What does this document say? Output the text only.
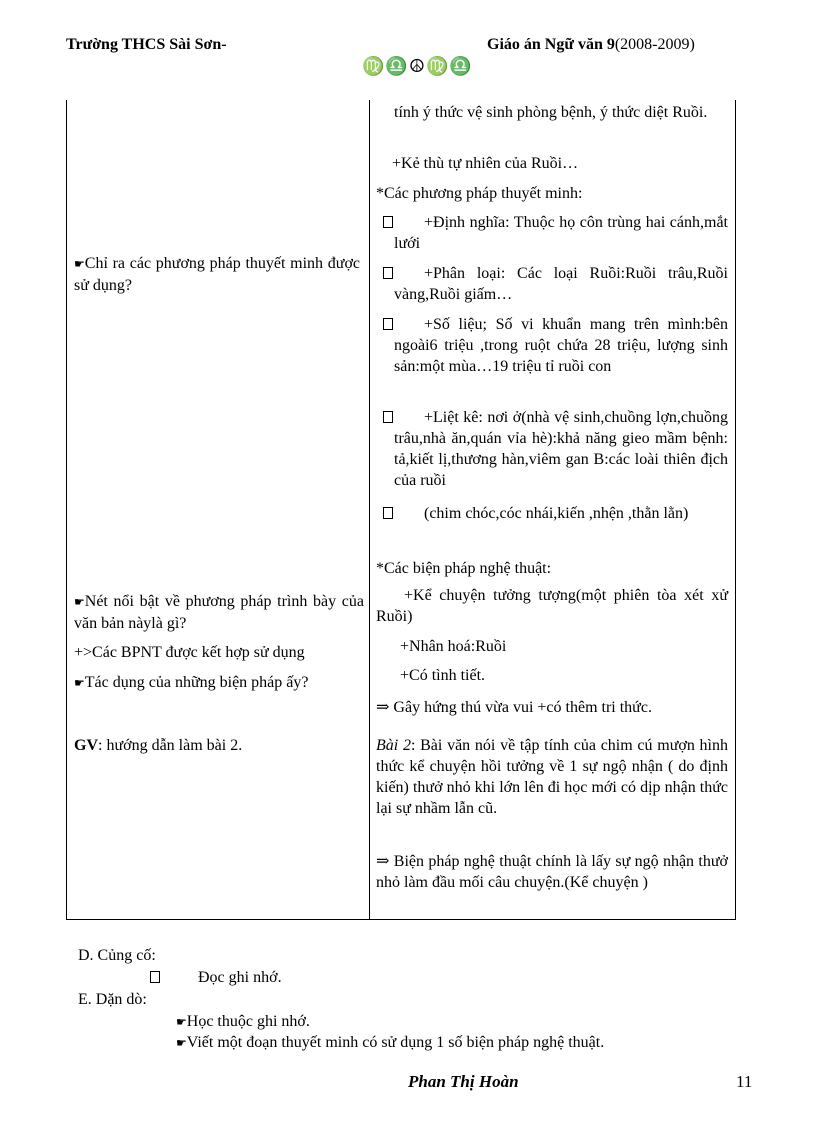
Trường THCS Sài Sơn-	Giáo án Ngữ văn 9(2008-2009)
♍♎☮♍♎
☛Chỉ ra các phương pháp thuyết minh được sử dụng?
☛Nét nổi bật về phương pháp trình bày của văn bản nàylà gì?
+>Các BPNT được kết hợp sử dụng
☛Tác dụng của những biện pháp ấy?
GV: hướng dẫn làm bài 2.
tính ý thức vệ sinh phòng bệnh, ý thức diệt Ruồi.
+Kẻ thù tự nhiên của Ruồi…
*Các phương pháp thuyết minh:
+Định nghĩa: Thuộc họ côn trùng hai cánh,mắt lưới
+Phân loại: Các loại Ruồi:Ruồi trâu,Ruồi vàng,Ruồi giấm…
+Số liệu; Số vi khuẩn mang trên mình:bên ngoài6 triệu ,trong ruột chứa 28 triệu, lượng sinh sản:một mùa…19 triệu tỉ ruồi con
+Liệt kê: nơi ở(nhà vệ sinh,chuồng lợn,chuồng trâu,nhà ăn,quán vỉa hè):khả năng gieo mầm bệnh: tả,kiết lị,thương hàn,viêm gan B:các loài thiên địch của ruồi
(chim chóc,cóc nhái,kiến ,nhện ,thằn lằn)
*Các biện pháp nghệ thuật:
+Kể chuyện tưởng tượng(một phiên tòa xét xử Ruồi)
+Nhân hoá:Ruồi
+Có tình tiết.
⇒ Gây hứng thú vừa vui +có thêm tri thức.
Bài 2: Bài văn nói về tập tính của chim cú mượn hình thức kể chuyện hồi tưởng về 1 sự ngộ nhận ( do định kiến) thưở nhỏ khi lớn lên đi học mới có dịp nhận thức lại sự nhầm lẫn cũ.
⇒ Biện pháp nghệ thuật chính là lấy sự ngộ nhận thưở nhỏ làm đầu mối câu chuyện.(Kể chuyện )
D. Củng cố:
Đọc ghi nhớ.
E. Dặn dò:
☛Học thuộc ghi nhớ.
☛Viết một đoạn thuyết minh có sử dụng 1 số biện pháp nghệ thuật.
Phan Thị Hoàn	11
